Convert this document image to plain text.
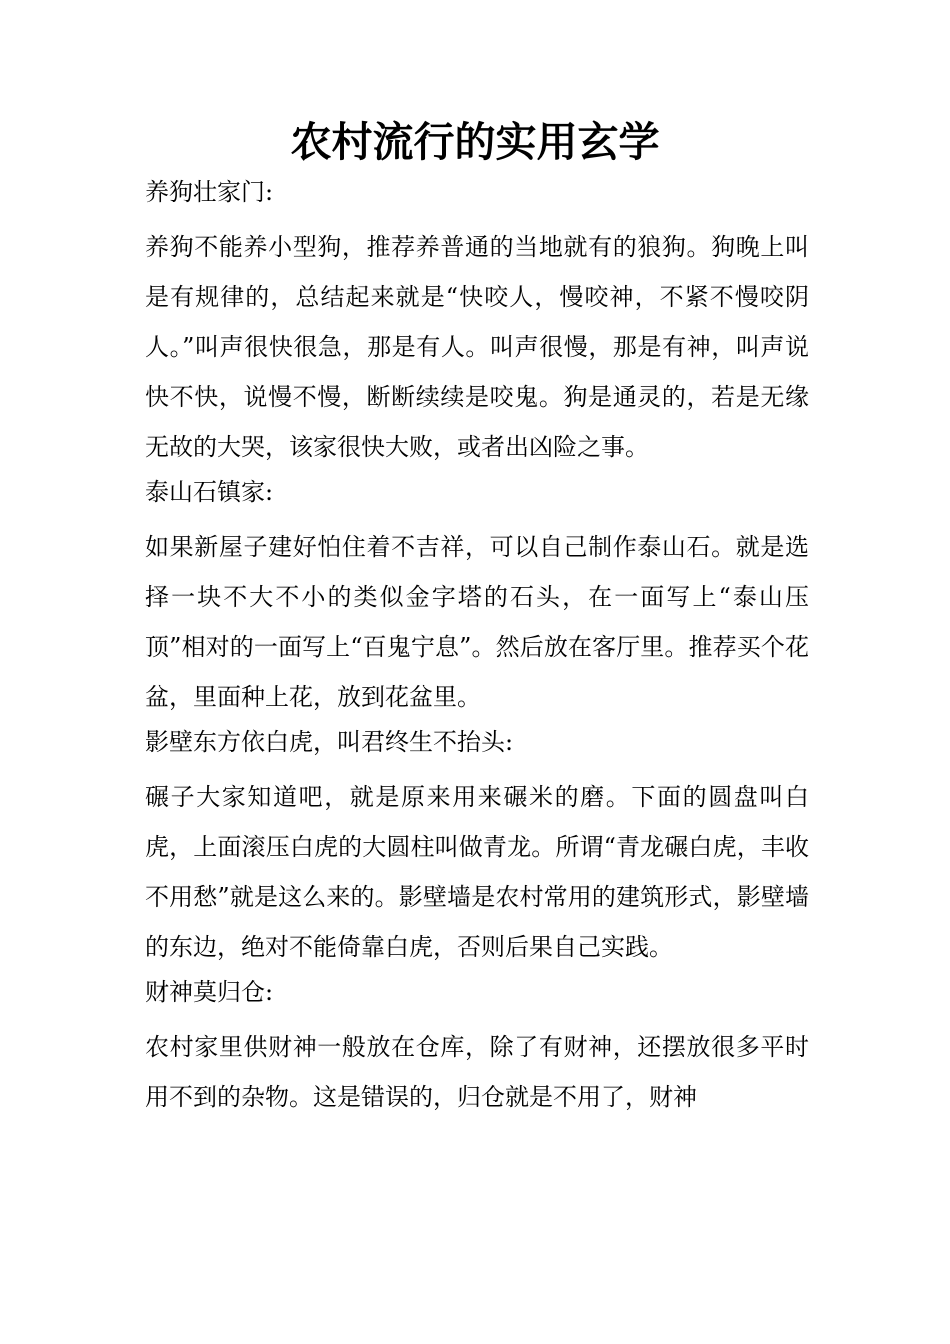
农村流行的实用玄学

养狗壮家门:

养狗不能养小型狗，推荐养普通的当地就有的狼狗。狗晚上叫是有规律的，总结起来就是“快咬人，慢咬神，不紧不慢咬阴人。”叫声很快很急，那是有人。叫声很慢，那是有神，叫声说快不快，说慢不慢，断断续续是咬鬼。狗是通灵的，若是无缘无故的大哭，该家很快大败，或者出凶险之事。

泰山石镇家:

如果新屋子建好怕住着不吉祥，可以自己制作泰山石。就是选择一块不大不小的类似金字塔的石头，在一面写上“泰山压顶”相对的一面写上“百鬼宁息”。然后放在客厅里。推荐买个花盆，里面种上花，放到花盆里。

影壁东方依白虎，叫君终生不抬头:

碾子大家知道吧，就是原来用来碾米的磨。下面的圆盘叫白虎，上面滚压白虎的大圆柱叫做青龙。所谓“青龙碾白虎，丰收不用愁”就是这么来的。影壁墙是农村常用的建筑形式，影壁墙的东边，绝对不能倚靠白虎，否则后果自己实践。

财神莫归仓:

农村家里供财神一般放在仓库，除了有财神，还摆放很多平时用不到的杂物。这是错误的，归仓就是不用了，财神
